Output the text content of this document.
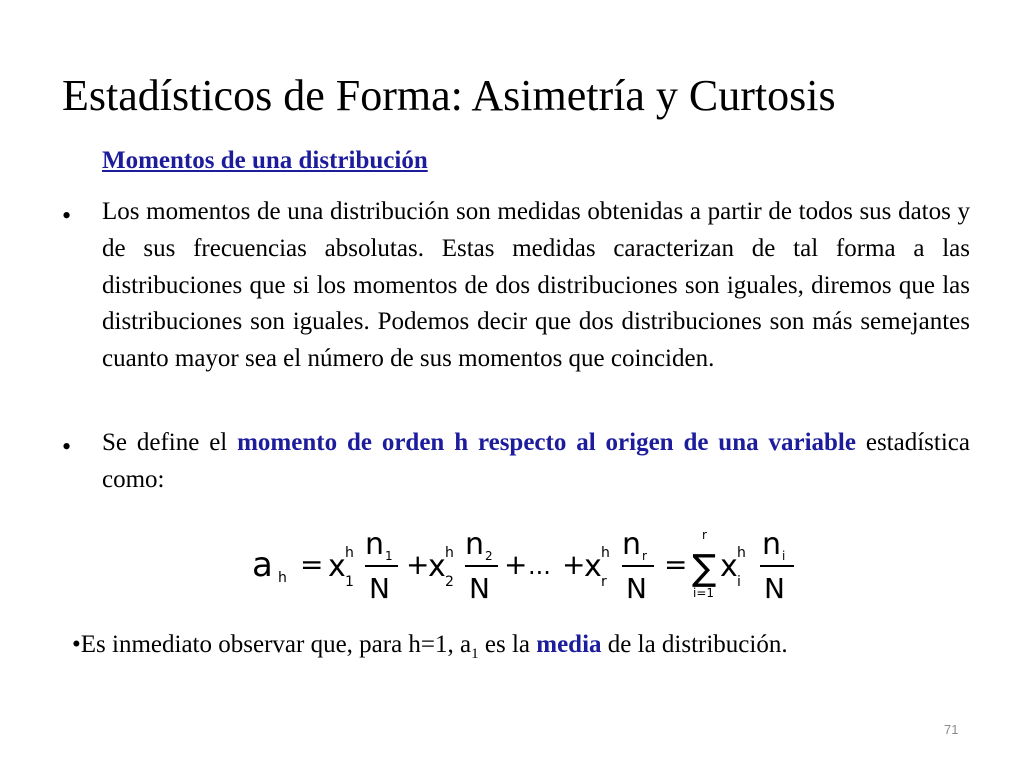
Estadísticos de Forma: Asimetría y Curtosis
Momentos de una distribución
• Los momentos de una distribución son medidas obtenidas a partir de todos sus datos y de sus frecuencias absolutas. Estas medidas caracterizan de tal forma a las distribuciones que si los momentos de dos distribuciones son iguales, diremos que las distribuciones son iguales. Podemos decir que dos distribuciones son más semejantes cuanto mayor sea el número de sus momentos que coinciden.

• Se define el momento de orden h respecto al origen de una variable estadística como:

a h = x h
1
n 1
N
+
x h
2
n 2
N
+ ... +
x h
r
n r
N
=
r
∑
i=1
x h
i
n i
N

•Es inmediato observar que, para h=1, $a_1$ es la media de la distribución.

71
